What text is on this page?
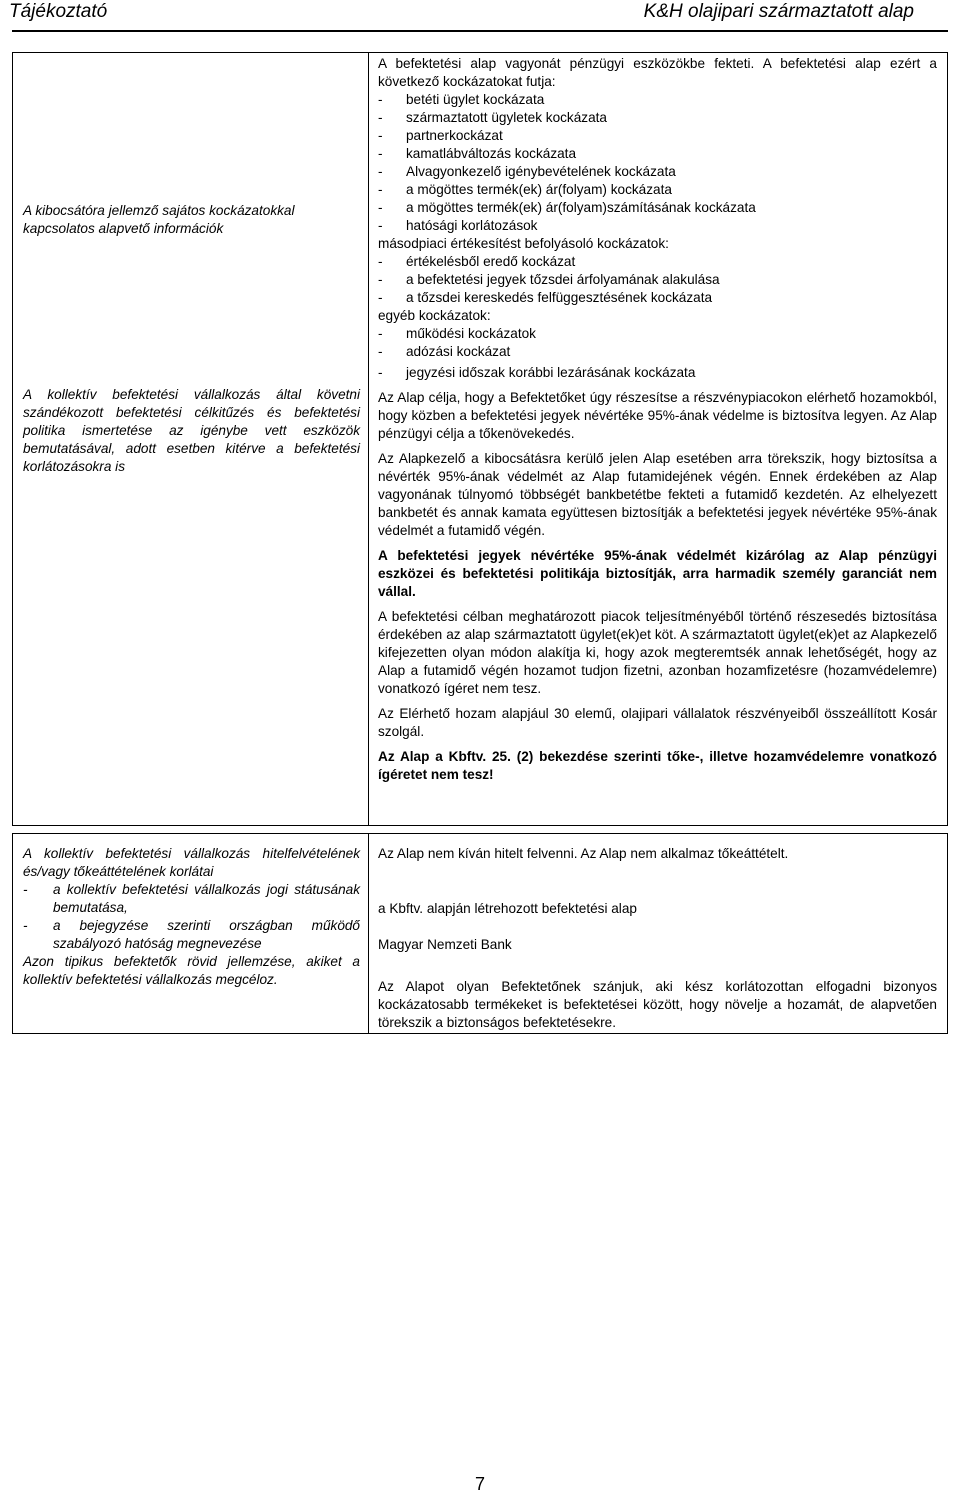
Tájékoztató	K&H olajipari származtatott alap

A kibocsátóra jellemző sajátos kockázatokkal kapcsolatos alapvető információk

A kollektív befektetési vállalkozás által követni szándékozott befektetési célkitűzés és befektetési politika ismertetése az igénybe vett eszközök bemutatásával, adott esetben kitérve a befektetési korlátozásokra is

A befektetési alap vagyonát pénzügyi eszközökbe fekteti. A befektetési alap ezért a következő kockázatokat futja:

- betéti ügylet kockázata
- származtatott ügyletek kockázata
- partnerkockázat
- kamatlábváltozás kockázata
- Alvagyonkezelő igénybevételének kockázata
- a mögöttes termék(ek) ár(folyam) kockázata
- a mögöttes termék(ek) ár(folyam)számításának kockázata
- hatósági korlátozások

másodpiaci értékesítést befolyásoló kockázatok:

- értékelésből eredő kockázat
- a befektetési jegyek tőzsdei árfolyamának alakulása
- a tőzsdei kereskedés felfüggesztésének kockázata

egyéb kockázatok:

- működési kockázatok
- adózási kockázat
- jegyzési időszak korábbi lezárásának kockázata

Az Alap célja, hogy a Befektetőket úgy részesítse a részvénypiacokon elérhető hozamokból, hogy közben a befektetési jegyek névértéke 95%-ának védelme is biztosítva legyen. Az Alap pénzügyi célja a tőkenövekedés.

Az Alapkezelő a kibocsátásra kerülő jelen Alap esetében arra törekszik, hogy biztosítsa a névérték 95%-ának védelmét az Alap futamidejének végén. Ennek érdekében az Alap vagyonának túlnyomó többségét bankbetétbe fekteti a futamidő kezdetén. Az elhelyezett bankbetét és annak kamata együttesen biztosítják a befektetési jegyek névértéke 95%-ának védelmét a futamidő végén.

A befektetési jegyek névértéke 95%-ának védelmét kizárólag az Alap pénzügyi eszközei és befektetési politikája biztosítják, arra harmadik személy garanciát nem vállal.

A befektetési célban meghatározott piacok teljesítményéből történő részesedés biztosítása érdekében az alap származtatott ügylet(ek)et köt. A származtatott ügylet(ek)et az Alapkezelő kifejezetten olyan módon alakítja ki, hogy azok megteremtsék annak lehetőségét, hogy az Alap a futamidő végén hozamot tudjon fizetni, azonban hozamfizetésre (hozamvédelemre) vonatkozó ígéret nem tesz.

Az Elérhető hozam alapjául 30 elemű, olajipari vállalatok részvényeiből összeállított Kosár szolgál.

Az Alap a Kbftv. 25. (2) bekezdése szerinti tőke-, illetve hozamvédelemre vonatkozó ígéretet nem tesz!

A kollektív befektetési vállalkozás hitelfelvételének és/vagy tőkeáttételének korlátai

- a kollektív befektetési vállalkozás jogi státusának bemutatása,
- a bejegyzése szerinti országban működő szabályozó hatóság megnevezése

Azon tipikus befektetők rövid jellemzése, akiket a kollektív befektetési vállalkozás megcéloz.

Az Alap nem kíván hitelt felvenni. Az Alap nem alkalmaz tőkeáttételt.
a Kbftv. alapján létrehozott befektetési alap
Magyar Nemzeti Bank
Az Alapot olyan Befektetőnek szánjuk, aki kész korlátozottan elfogadni bizonyos kockázatosabb termékeket is befektetései között, hogy növelje a hozamát, de alapvetően törekszik a biztonságos befektetésekre.
7
